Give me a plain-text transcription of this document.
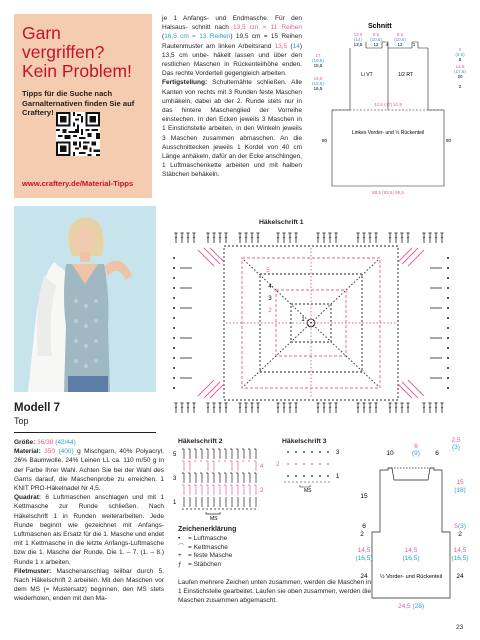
Garn vergriffen?
Kein Problem!

Tipps für die Suche nach Garnalternativen finden Sie auf Craftery!

www.craftery.de/Material-Tipps

je 1 Anfangs- und Endmasche. Für den Halsaus- schnitt nach 13,5 cm = 11 Reihen (16,5 cm = 13 Reihen) 19,5 cm = 15 Reihen Rautenmuster am linken Arbeitsrand 13,5 (14) 13,5 cm unbe- häkelt lassen und über den restlichen Maschen in Rückenteilhöhe enden. Das rechte Vorderteil gegengleich arbeiten.

Fertigstellung: Schultemähte schließen. Alle Kanten von rechts mit 3 Runden feste Maschen umhäkeln, dabei ab der 2. Runde stets nur in das hintere Maschenglied der Vorreihe einstechen. In den Ecken jeweils 3 Maschen in 1 Einstichstelle arbeiten, in den Winkeln jeweils 3 Maschen zusammen abmaschen. An die Ausschnittecken jeweils 1 Kordel von 40 cm Länge anhäkeln, dafür an der Ecke anschlingen, 1 Luftmaschenkette arbeiten und mit halben Stäbchen behäkeln.

Schnitt
13,5
(14)
13,5
8,5
(10,5)
12
8,5
(10,5)
12
4	1
17
(19,5)
15,5
19,5
(16,5)
16,5
5
(6,5)
5
14,5
(17,5)
20
2
Li VT	1/2 RT
42,5 (47) 51,5
80	80
Linkes Vorder- und ½ Rückenteil
88,5 (93,5) 95,5
Häkelschrift 1
5
4
3
2
1
Modell 7
Top

Größe: 36/38 (42/44)

Material: 350 (400) g Mischgarn, 40% Polyacryl, 26% Baumwolle, 24% Leinen LL ca. 110 m/50 g in der Farbe Ihrer Wahl. Achten Sie bei der Wahl des Garns darauf, die Maschenprobe zu erreichen. 1 KNIT PRO-Häkelnadel Nr 4,5.

Quadrat: 6 Luftmaschen anschlagen und mit 1 Kettmasche zur Runde schließen. Nach Häkelschrift 1 in Runden weiterarbeiten. Jede Runde beginnt wie gezeichnet mit Anfangs-Luftmaschen als Ersatz für die 1. Masche und endet mit 1 Kettmasche in die letzte Anfangs-Luftmasche bzw die 1. Masche der Runde. Die 1. – 7. (1. – 8.) Runde 1 x arbeiten.

Filetmuster: Maschenanschlag teilbar durch 5. Nach Häkelschrift 2 arbeiten. Mit den Maschen vor dem MS (= Mustersatz) beginnen, den MS stets wiederholen, enden mit den Ma-

Häkelschrift 2
5
4
3
2
1
MS
Häkelschrift 3
3
2
1
MS
Zeichenerklärung
• = Luftmasche
⌒ = Kettmasche
+ = feste Masche
ƒ = Stäbchen
Laufen mehrere Zeichen unten zusammen, werden die Maschen in 1 Einstichstelle gearbeitet. Laufen sie oben zusammen, werden die Maschen zusammen abgemascht.
2,5
(3)
6
(9) 6
10
15
15
(18)
6
2
5 (3)
2
14,5
(16,5)
14,5
(16,5)
14,5
(16,5)
24	24
½ Vorder- und Rückenteil
24,5 (28)
23
